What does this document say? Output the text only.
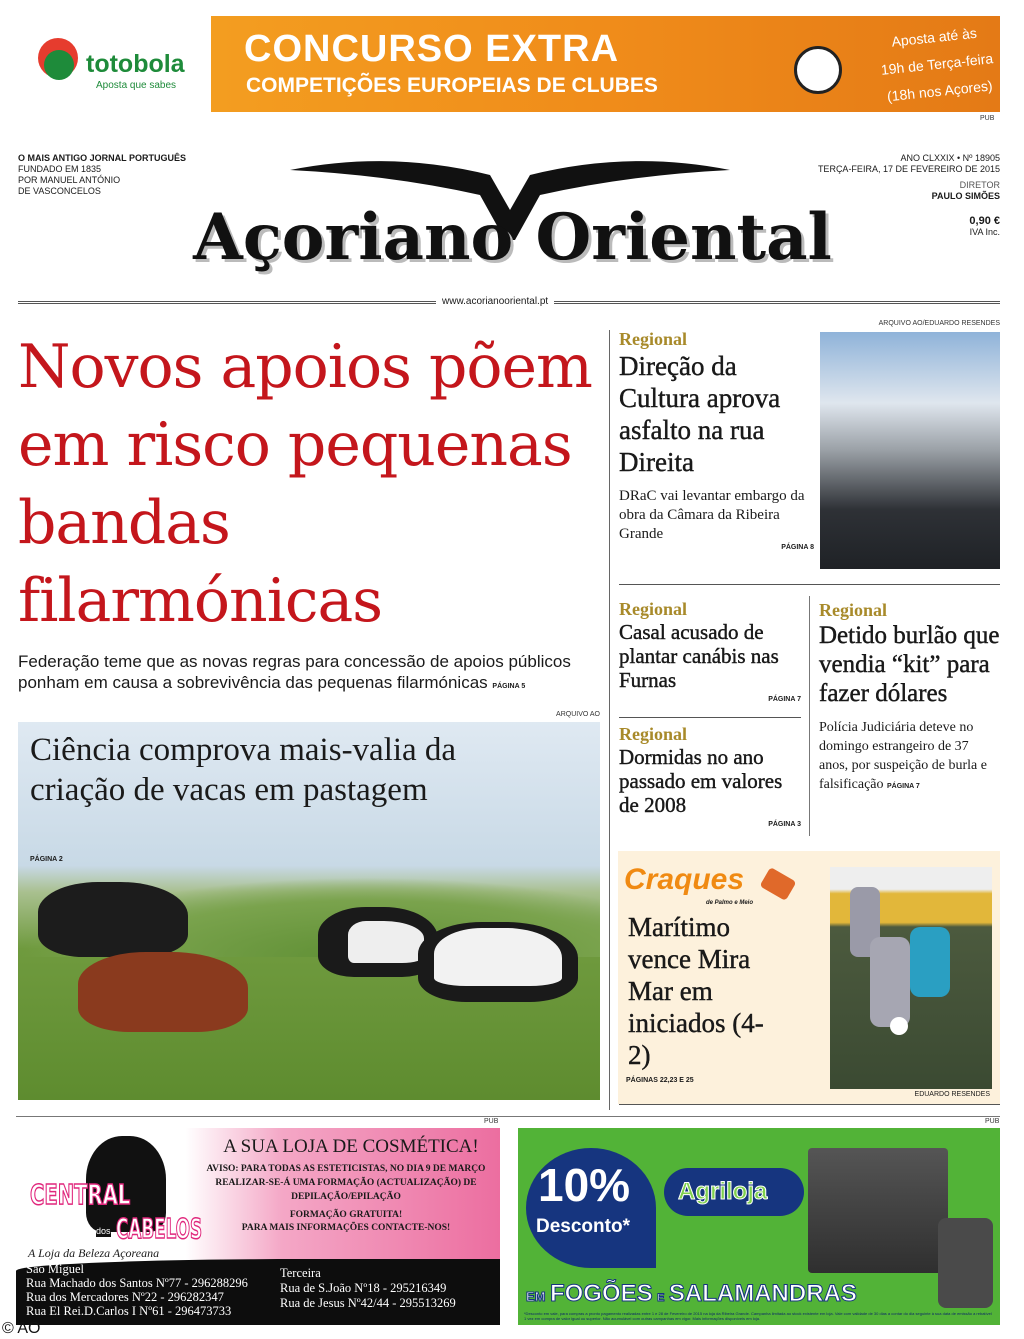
totobola
Aposta que sabes
CONCURSO EXTRA
COMPETIÇÕES EUROPEIAS DE CLUBES
Aposta até às
19h de Terça-feira
(18h nos Açores)
PUB
O MAIS ANTIGO JORNAL PORTUGUÊS
FUNDADO EM 1835
POR MANUEL ANTÓNIO
DE VASCONCELOS
Açoriano Oriental
ANO CLXXIX • Nº 18905
TERÇA-FEIRA, 17 DE FEVEREIRO DE 2015
DIRETOR
PAULO SIMÕES
0,90 €
IVA Inc.
www.acorianooriental.pt
Novos apoios põem em risco pequenas bandas filarmónicas
Federação teme que as novas regras para concessão de apoios públicos ponham em causa a sobrevivência das pequenas filarmónicas PÁGINA 5
ARQUIVO AO
Ciência comprova mais-valia da criação de vacas em pastagem
PÁGINA 2
ARQUIVO AO/EDUARDO RESENDES
Regional
Direção da Cultura aprova asfalto na rua Direita
DRaC vai levantar embargo da obra da Câmara da Ribeira Grande
PÁGINA 8
Regional
Casal acusado de plantar canábis nas Furnas
PÁGINA 7
Regional
Dormidas no ano passado em valores de 2008
PÁGINA 3
Regional
Detido burlão que vendia “kit” para fazer dólares
Polícia Judiciária deteve no domingo estrangeiro de 37 anos, por suspeição de burla e falsificação PÁGINA 7
Craques
de Palmo e Meio
Marítimo vence Mira Mar em iniciados (4-2)
PÁGINAS 22,23 E 25
EDUARDO RESENDES
PUB	PUB
CENTRAL
dos CABELOS
A Loja da Beleza Açoreana
A SUA LOJA DE COSMÉTICA!
AVISO: PARA TODAS AS ESTETICISTAS, NO DIA 9 DE MARÇO REALIZAR-SE-Á UMA FORMAÇÃO (ACTUALIZAÇÃO) DE DEPILAÇÃO/EPILAÇÃO
FORMAÇÃO GRATUITA!
PARA MAIS INFORMAÇÕES CONTACTE-NOS!
São Miguel
Rua Machado dos Santos Nº77 - 296288296
Rua dos Mercadores Nº22 - 296282347
Rua El Rei.D.Carlos I Nº61 - 296473733
Terceira
Rua de S.João Nº18 - 295216349
Rua de Jesus Nº42/44 - 295513269
10%
Desconto*
Agriloja
EM FOGÕES E SALAMANDRAS
*Desconto em vale, para compras a pronto pagamento realizadas entre 1 e 28 de Fevereiro de 2015 na loja da Ribeira Grande. Campanha limitada ao stock existente em loja. Vale com validade de 30 dias a contar do dia seguinte à sua data de emissão a rebatível 1 vez em compra de valor igual ou superior. Não acumulável com outras campanhas em vigor. Mais informações disponíveis em loja.
© AO
